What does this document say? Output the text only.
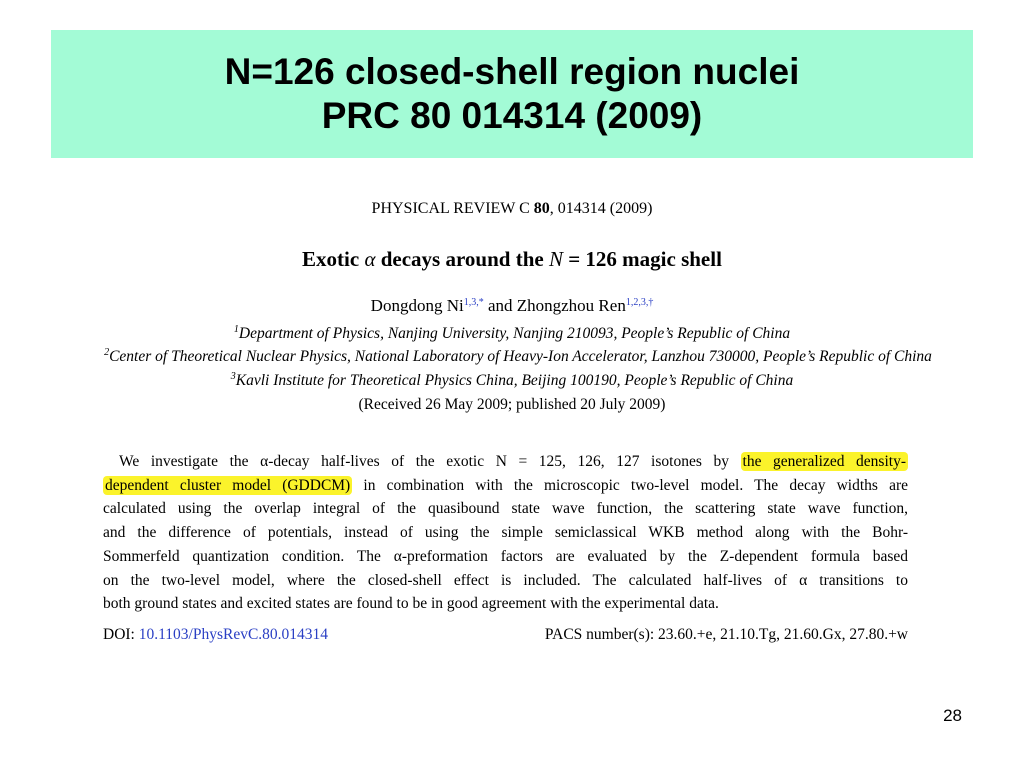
N=126 closed-shell region nuclei
PRC 80 014314 (2009)
PHYSICAL REVIEW C 80, 014314 (2009)
Exotic α decays around the N = 126 magic shell
Dongdong $Ni^{1,3,*}$ and Zhongzhou Ren$^{1,2,3,\dagger}$
$^1$Department of Physics, Nanjing University, Nanjing 210093, People’s Republic of China
$^2$Center of Theoretical Nuclear Physics, National Laboratory of Heavy-Ion Accelerator, Lanzhou 730000, People’s Republic of China
$^3$Kavli Institute for Theoretical Physics China, Beijing 100190, People’s Republic of China
(Received 26 May 2009; published 20 July 2009)
We investigate the α-decay half-lives of the exotic N = 125, 126, 127 isotones by the generalized density-
dependent cluster model (GDDCM) in combination with the microscopic two-level model. The decay widths are
calculated using the overlap integral of the quasibound state wave function, the scattering state wave function,
and the difference of potentials, instead of using the simple semiclassical WKB method along with the Bohr-
Sommerfeld quantization condition. The α-preformation factors are evaluated by the Z-dependent formula based
on the two-level model, where the closed-shell effect is included. The calculated half-lives of α transitions to
both ground states and excited states are found to be in good agreement with the experimental data.
DOI: 10.1103/PhysRevC.80.014314	PACS number(s): 23.60.+e, 21.10.Tg, 21.60.Gx, 27.80.+w
28
